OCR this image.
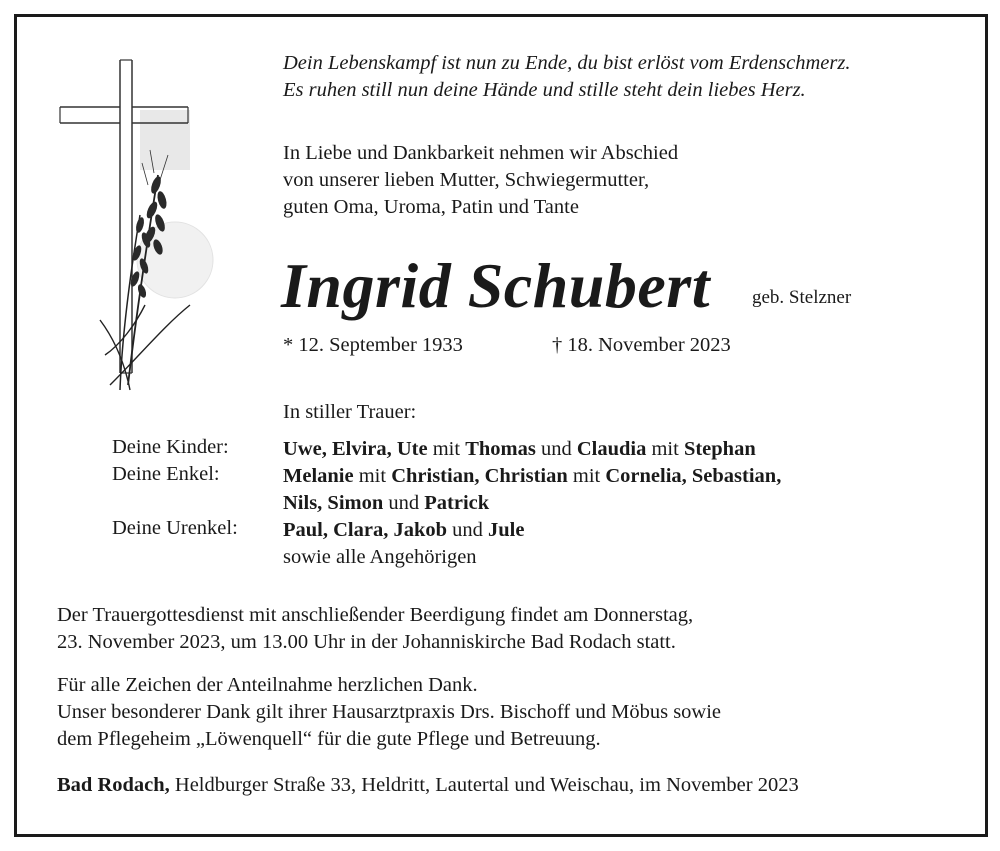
Dein Lebenskampf ist nun zu Ende, du bist erlöst vom Erdenschmerz.
Es ruhen still nun deine Hände und stille steht dein liebes Herz.
In Liebe und Dankbarkeit nehmen wir Abschied
von unserer lieben Mutter, Schwiegermutter,
guten Oma, Uroma, Patin und Tante
Ingrid Schubert geb. Stelzner
* 12. September 1933	† 18. November 2023
In stiller Trauer:
Deine Kinder:	Uwe, Elvira, Ute mit Thomas und Claudia mit Stephan
Deine Enkel:	Melanie mit Christian, Christian mit Cornelia, Sebastian,
Nils, Simon und Patrick
Deine Urenkel: Paul, Clara, Jakob und Jule
sowie alle Angehörigen
Der Trauergottesdienst mit anschließender Beerdigung findet am Donnerstag,
23. November 2023, um 13.00 Uhr in der Johanniskirche Bad Rodach statt.
Für alle Zeichen der Anteilnahme herzlichen Dank.
Unser besonderer Dank gilt ihrer Hausarztpraxis Drs. Bischoff und Möbus sowie
dem Pflegeheim „Löwenquell“ für die gute Pflege und Betreuung.
Bad Rodach, Heldburger Straße 33, Heldritt, Lautertal und Weischau, im November 2023
